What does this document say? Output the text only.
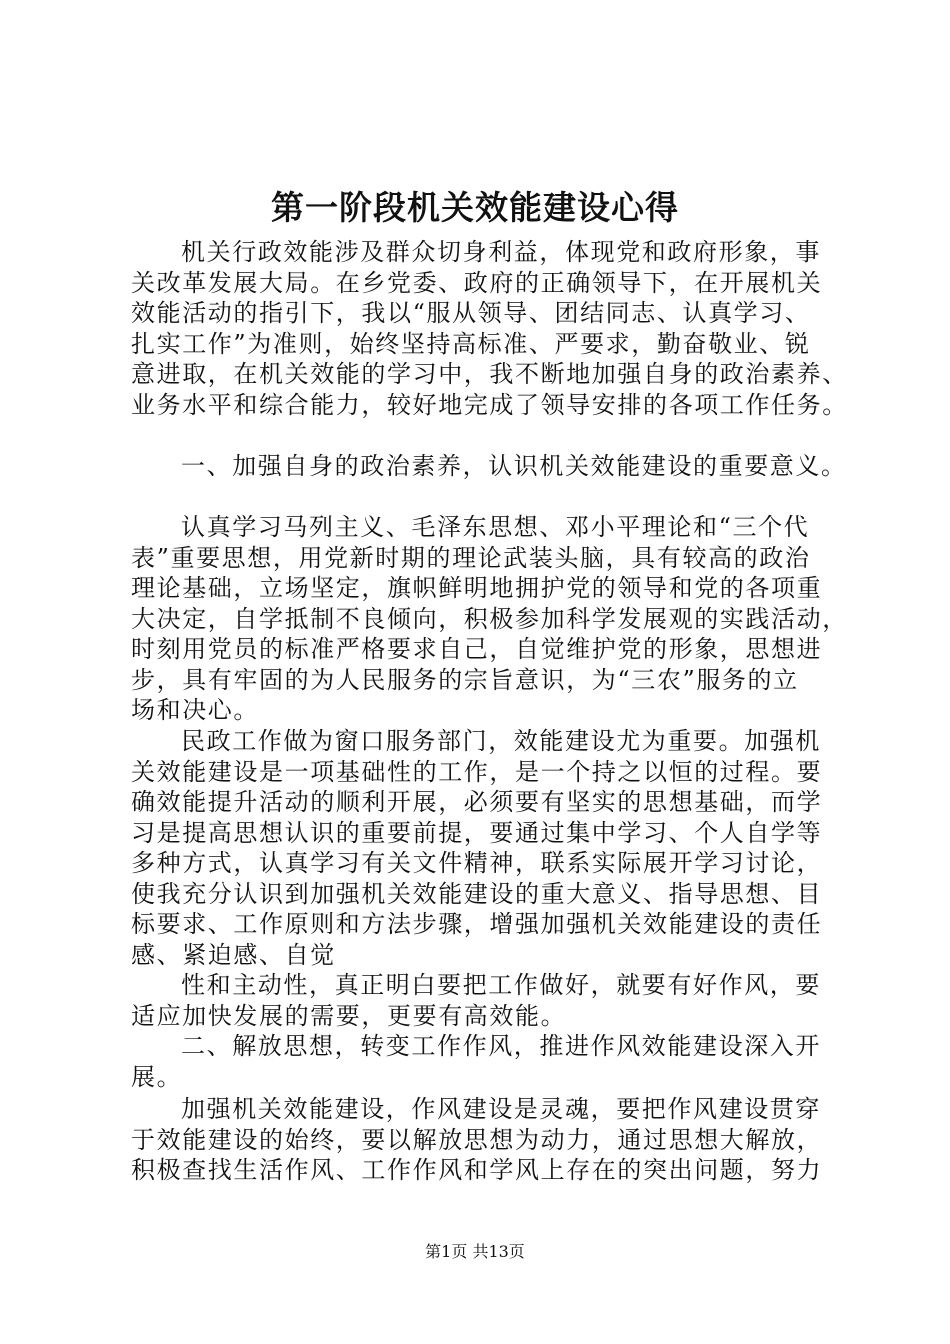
第一阶段机关效能建设心得
机关行政效能涉及群众切身利益，体现党和政府形象，事
关改革发展大局。在乡党委、政府的正确领导下，在开展机关
效能活动的指引下，我以“服从领导、团结同志、认真学习、
扎实工作”为准则，始终坚持高标准、严要求，勤奋敬业、锐
意进取，在机关效能的学习中，我不断地加强自身的政治素养、
业务水平和综合能力，较好地完成了领导安排的各项工作任务。
一、加强自身的政治素养，认识机关效能建设的重要意义。
认真学习马列主义、毛泽东思想、邓小平理论和“三个代
表”重要思想，用党新时期的理论武装头脑，具有较高的政治
理论基础，立场坚定，旗帜鲜明地拥护党的领导和党的各项重
大决定，自学抵制不良倾向，积极参加科学发展观的实践活动，
时刻用党员的标准严格要求自己，自觉维护党的形象，思想进
步，具有牢固的为人民服务的宗旨意识，为“三农”服务的立
场和决心。
民政工作做为窗口服务部门，效能建设尤为重要。加强机
关效能建设是一项基础性的工作，是一个持之以恒的过程。要
确效能提升活动的顺利开展，必须要有坚实的思想基础，而学
习是提高思想认识的重要前提，要通过集中学习、个人自学等
多种方式，认真学习有关文件精神，联系实际展开学习讨论，
使我充分认识到加强机关效能建设的重大意义、指导思想、目
标要求、工作原则和方法步骤，增强加强机关效能建设的责任
感、紧迫感、自觉
性和主动性，真正明白要把工作做好，就要有好作风，要
适应加快发展的需要，更要有高效能。
二、解放思想，转变工作作风，推进作风效能建设深入开
展。
加强机关效能建设，作风建设是灵魂，要把作风建设贯穿
于效能建设的始终，要以解放思想为动力，通过思想大解放，
积极查找生活作风、工作作风和学风上存在的突出问题，努力
第1页 共13页
